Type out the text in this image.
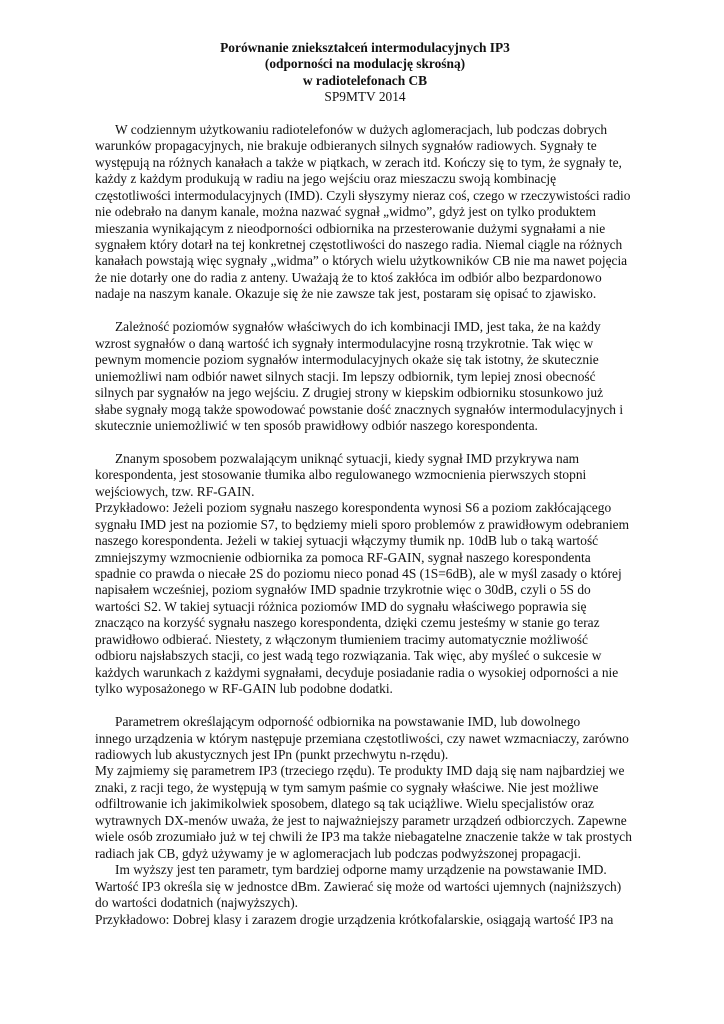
Porównanie zniekształceń intermodulacyjnych IP3
(odporności na modulację skrośną)
w radiotelefonach CB
SP9MTV 2014

W codziennym użytkowaniu radiotelefonów w dużych aglomeracjach, lub podczas dobrych
warunków propagacyjnych, nie brakuje odbieranych silnych sygnałów radiowych. Sygnały te
występują na różnych kanałach a także w piątkach, w zerach itd. Kończy się to tym, że sygnały te,
każdy z każdym produkują w radiu na jego wejściu oraz mieszaczu swoją kombinację
częstotliwości intermodulacyjnych (IMD). Czyli słyszymy nieraz coś, czego w rzeczywistości radio
nie odebrało na danym kanale, można nazwać sygnał „widmo”, gdyż jest on tylko produktem
mieszania wynikającym z nieodporności odbiornika na przesterowanie dużymi sygnałami a nie
sygnałem który dotarł na tej konkretnej częstotliwości do naszego radia. Niemal ciągle na różnych
kanałach powstają więc sygnały „widma” o których wielu użytkowników CB nie ma nawet pojęcia
że nie dotarły one do radia z anteny. Uważają że to ktoś zakłóca im odbiór albo bezpardonowo
nadaje na naszym kanale. Okazuje się że nie zawsze tak jest, postaram się opisać to zjawisko.

Zależność poziomów sygnałów właściwych do ich kombinacji IMD, jest taka, że na każdy
wzrost sygnałów o daną wartość ich sygnały intermodulacyjne rosną trzykrotnie. Tak więc w
pewnym momencie poziom sygnałów intermodulacyjnych okaże się tak istotny, że skutecznie
uniemożliwi nam odbiór nawet silnych stacji. Im lepszy odbiornik, tym lepiej znosi obecność
silnych par sygnałów na jego wejściu. Z drugiej strony w kiepskim odbiorniku stosunkowo już
słabe sygnały mogą także spowodować powstanie dość znacznych sygnałów intermodulacyjnych i
skutecznie uniemożliwić w ten sposób prawidłowy odbiór naszego korespondenta.

Znanym sposobem pozwalającym uniknąć sytuacji, kiedy sygnał IMD przykrywa nam
korespondenta, jest stosowanie tłumika albo regulowanego wzmocnienia pierwszych stopni
wejściowych, tzw. RF-GAIN.
Przykładowo: Jeżeli poziom sygnału naszego korespondenta wynosi S6 a poziom zakłócającego
sygnału IMD jest na poziomie S7, to będziemy mieli sporo problemów z prawidłowym odebraniem
naszego korespondenta. Jeżeli w takiej sytuacji włączymy tłumik np. 10dB lub o taką wartość
zmniejszymy wzmocnienie odbiornika za pomoca RF-GAIN, sygnał naszego korespondenta
spadnie co prawda o niecałe 2S do poziomu nieco ponad 4S (1S=6dB), ale w myśl zasady o której
napisałem wcześniej, poziom sygnałów IMD spadnie trzykrotnie więc o 30dB, czyli o 5S do
wartości S2. W takiej sytuacji różnica poziomów IMD do sygnału właściwego poprawia się
znacząco na korzyść sygnału naszego korespondenta, dzięki czemu jesteśmy w stanie go teraz
prawidłowo odbierać. Niestety, z włączonym tłumieniem tracimy automatycznie możliwość
odbioru najsłabszych stacji, co jest wadą tego rozwiązania. Tak więc, aby myśleć o sukcesie w
każdych warunkach z każdymi sygnałami, decyduje posiadanie radia o wysokiej odporności a nie
tylko wyposażonego w RF-GAIN lub podobne dodatki.

Parametrem określającym odporność odbiornika na powstawanie IMD, lub dowolnego
innego urządzenia w którym następuje przemiana częstotliwości, czy nawet wzmacniaczy, zarówno
radiowych lub akustycznych jest IPn (punkt przechwytu n-rzędu).
My zajmiemy się parametrem IP3 (trzeciego rzędu). Te produkty IMD dają się nam najbardziej we
znaki, z racji tego, że występują w tym samym paśmie co sygnały właściwe. Nie jest możliwe
odfiltrowanie ich jakimikolwiek sposobem, dlatego są tak uciążliwe. Wielu specjalistów oraz
wytrawnych DX-menów uważa, że jest to najważniejszy parametr urządzeń odbiorczych. Zapewne
wiele osób zrozumiało już w tej chwili że IP3 ma także niebagatelne znaczenie także w tak prostych
radiach jak CB, gdyż używamy je w aglomeracjach lub podczas podwyższonej propagacji.
Im wyższy jest ten parametr, tym bardziej odporne mamy urządzenie na powstawanie IMD.
Wartość IP3 określa się w jednostce dBm. Zawierać się może od wartości ujemnych (najniższych)
do wartości dodatnich (najwyższych).
Przykładowo: Dobrej klasy i zarazem drogie urządzenia krótkofalarskie, osiągają wartość IP3 na
